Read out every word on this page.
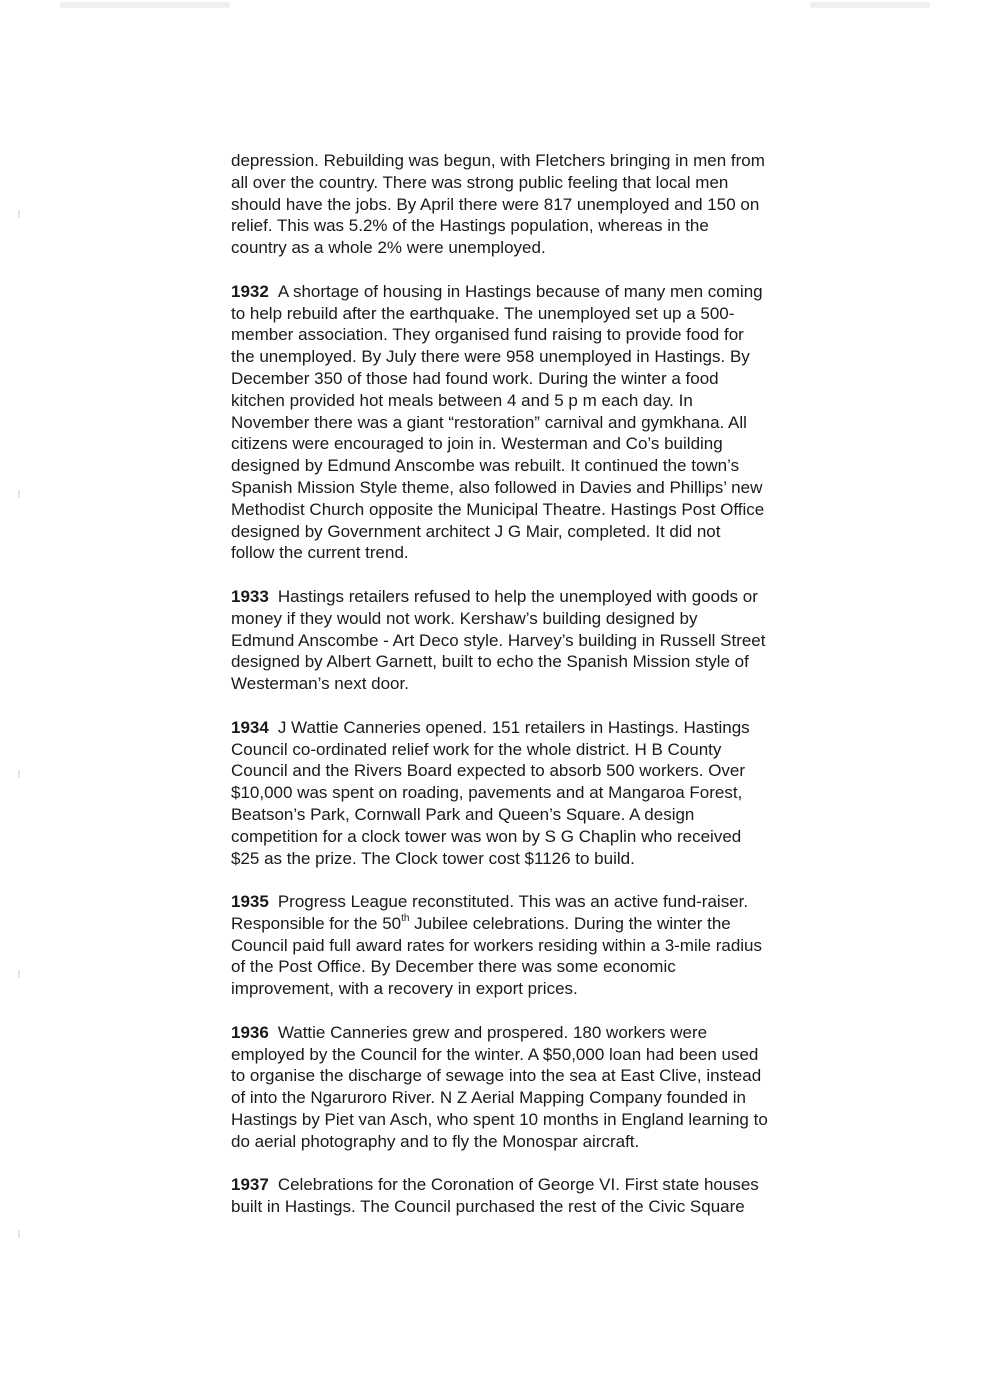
depression. Rebuilding was begun, with Fletchers bringing in men from
all over the country. There was strong public feeling that local men
should have the jobs. By April there were 817 unemployed and 150 on
relief. This was 5.2% of the Hastings population, whereas in the
country as a whole 2% were unemployed.
1932 A shortage of housing in Hastings because of many men coming
to help rebuild after the earthquake. The unemployed set up a 500-
member association. They organised fund raising to provide food for
the unemployed. By July there were 958 unemployed in Hastings. By
December 350 of those had found work. During the winter a food
kitchen provided hot meals between 4 and 5 p m each day. In
November there was a giant “restoration” carnival and gymkhana. All
citizens were encouraged to join in. Westerman and Co’s building
designed by Edmund Anscombe was rebuilt. It continued the town’s
Spanish Mission Style theme, also followed in Davies and Phillips’ new
Methodist Church opposite the Municipal Theatre. Hastings Post Office
designed by Government architect J G Mair, completed. It did not
follow the current trend.
1933 Hastings retailers refused to help the unemployed with goods or
money if they would not work. Kershaw’s building designed by
Edmund Anscombe - Art Deco style. Harvey’s building in Russell Street
designed by Albert Garnett, built to echo the Spanish Mission style of
Westerman’s next door.
1934 J Wattie Canneries opened. 151 retailers in Hastings. Hastings
Council co-ordinated relief work for the whole district. H B County
Council and the Rivers Board expected to absorb 500 workers. Over
$10,000 was spent on roading, pavements and at Mangaroa Forest,
Beatson’s Park, Cornwall Park and Queen’s Square. A design
competition for a clock tower was won by S G Chaplin who received
$25 as the prize. The Clock tower cost $1126 to build.
1935 Progress League reconstituted. This was an active fund-raiser.
Responsible for the 50th Jubilee celebrations. During the winter the
Council paid full award rates for workers residing within a 3-mile radius
of the Post Office. By December there was some economic
improvement, with a recovery in export prices.
1936 Wattie Canneries grew and prospered. 180 workers were
employed by the Council for the winter. A $50,000 loan had been used
to organise the discharge of sewage into the sea at East Clive, instead
of into the Ngaruroro River. N Z Aerial Mapping Company founded in
Hastings by Piet van Asch, who spent 10 months in England learning to
do aerial photography and to fly the Monospar aircraft.
1937 Celebrations for the Coronation of George VI. First state houses
built in Hastings. The Council purchased the rest of the Civic Square
